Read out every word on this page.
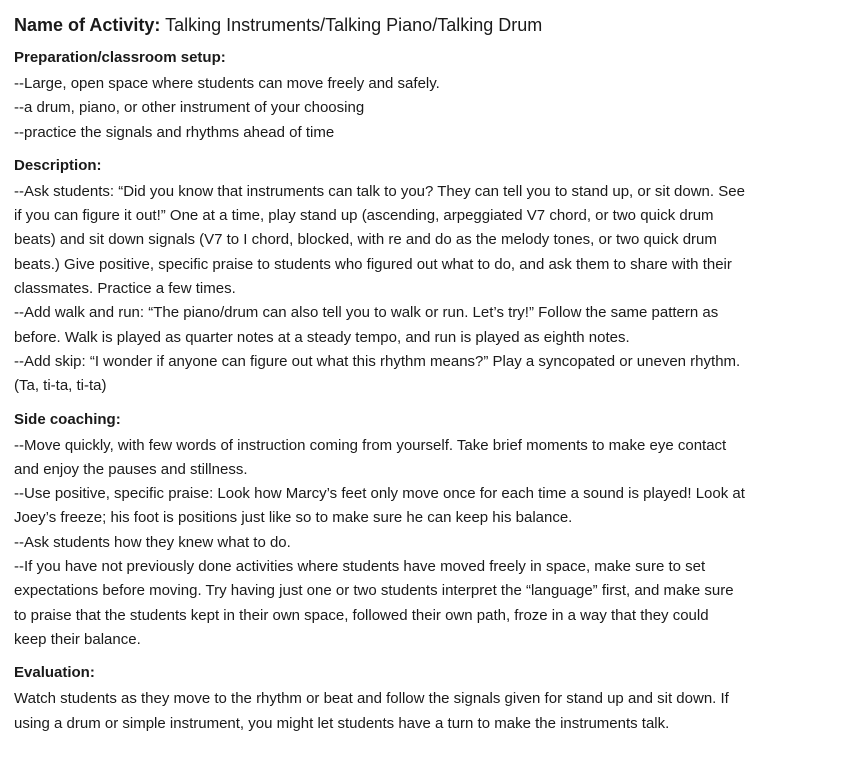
Name of Activity: Talking Instruments/Talking Piano/Talking Drum
Preparation/classroom setup:
--Large, open space where students can move freely and safely.
--a drum, piano, or other instrument of your choosing
--practice the signals and rhythms ahead of time
Description:
--Ask students: “Did you know that instruments can talk to you? They can tell you to stand up, or sit down. See
if you can figure it out!” One at a time, play stand up (ascending, arpeggiated V7 chord, or two quick drum
beats) and sit down signals (V7 to I chord, blocked, with re and do as the melody tones, or two quick drum
beats.) Give positive, specific praise to students who figured out what to do, and ask them to share with their
classmates. Practice a few times.
--Add walk and run: “The piano/drum can also tell you to walk or run. Let’s try!” Follow the same pattern as
before. Walk is played as quarter notes at a steady tempo, and run is played as eighth notes.
--Add skip: “I wonder if anyone can figure out what this rhythm means?” Play a syncopated or uneven rhythm.
(Ta, ti-ta, ti-ta)
Side coaching:
--Move quickly, with few words of instruction coming from yourself. Take brief moments to make eye contact
and enjoy the pauses and stillness.
--Use positive, specific praise: Look how Marcy’s feet only move once for each time a sound is played! Look at
Joey’s freeze; his foot is positions just like so to make sure he can keep his balance.
--Ask students how they knew what to do.
--If you have not previously done activities where students have moved freely in space, make sure to set
expectations before moving. Try having just one or two students interpret the “language” first, and make sure
to praise that the students kept in their own space, followed their own path, froze in a way that they could
keep their balance.
Evaluation:
Watch students as they move to the rhythm or beat and follow the signals given for stand up and sit down. If
using a drum or simple instrument, you might let students have a turn to make the instruments talk.
